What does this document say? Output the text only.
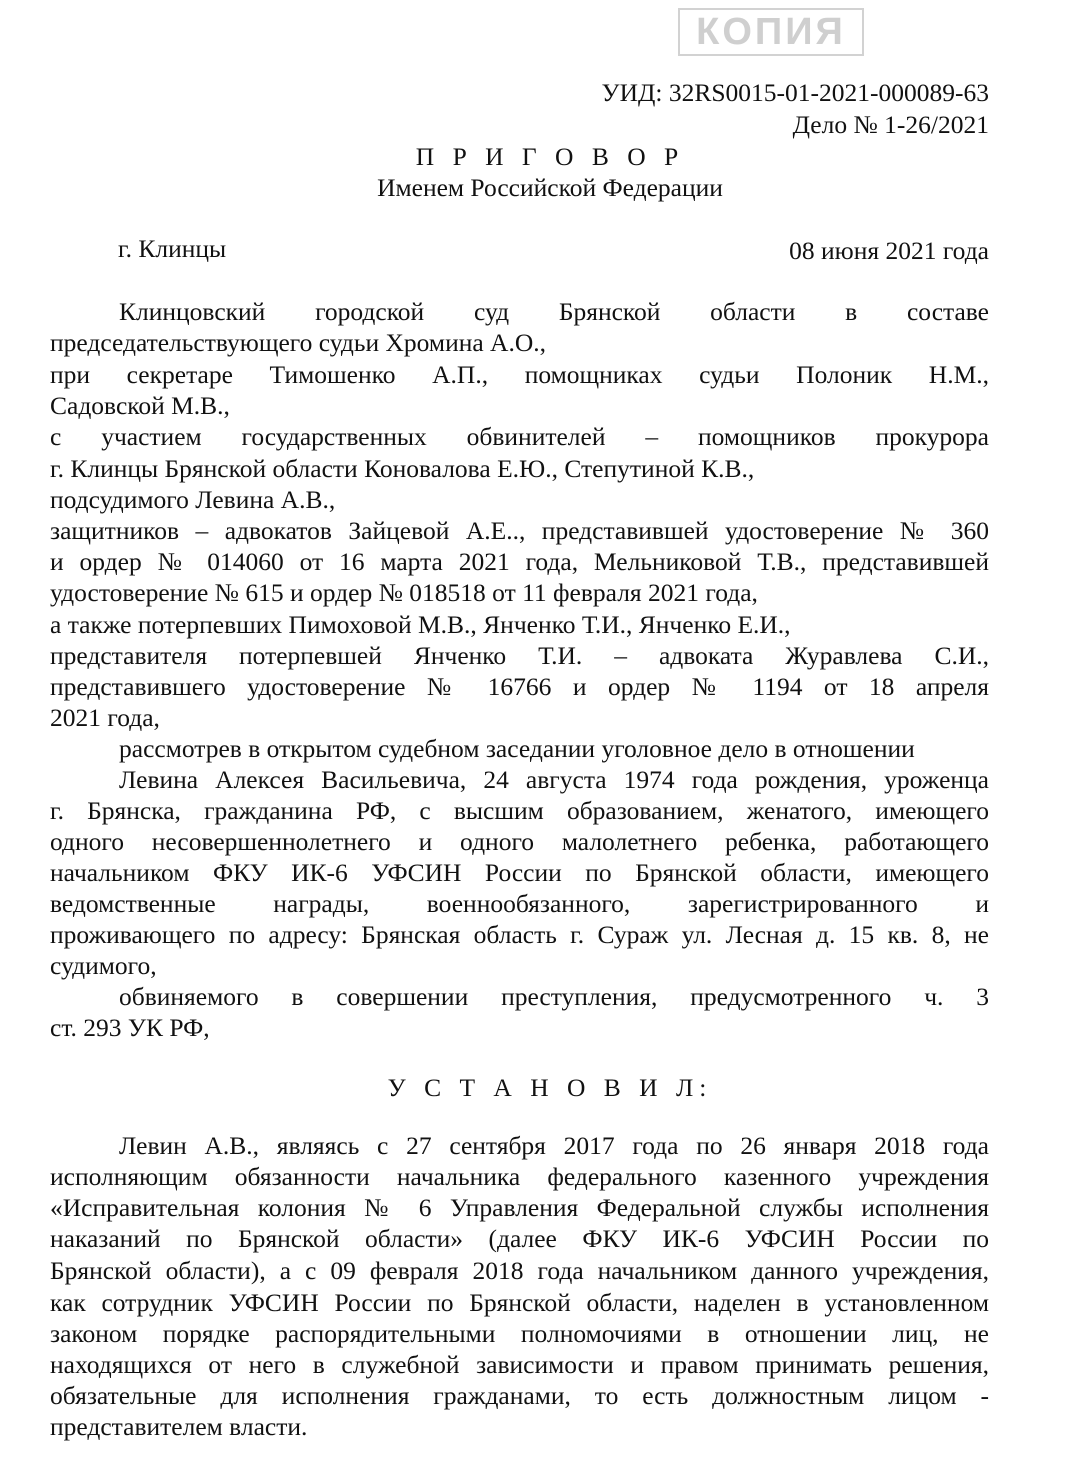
КОПИЯ
УИД: 32RS0015-01-2021-000089-63
Дело № 1-26/2021
П Р И Г О В О Р
Именем Российской Федерации
г. Клинцы	08 июня 2021 года
Клинцовский городской суд Брянской области в составе
председательствующего судьи Хромина А.О.,
при секретаре Тимошенко А.П., помощниках судьи Полоник Н.М.,
Садовской М.В.,
с участием государственных обвинителей – помощников прокурора
г. Клинцы Брянской области Коновалова Е.Ю., Степутиной К.В.,
подсудимого Левина А.В.,
защитников – адвокатов Зайцевой А.Е.., представившей удостоверение № 360
и ордер № 014060 от 16 марта 2021 года, Мельниковой Т.В., представившей
удостоверение № 615 и ордер № 018518 от 11 февраля 2021 года,
а также потерпевших Пимоховой М.В., Янченко Т.И., Янченко Е.И.,
представителя потерпевшей Янченко Т.И. – адвоката Журавлева С.И.,
представившего удостоверение № 16766 и ордер № 1194 от 18 апреля
2021 года,
рассмотрев в открытом судебном заседании уголовное дело в отношении
Левина Алексея Васильевича, 24 августа 1974 года рождения, уроженца
г. Брянска, гражданина РФ, с высшим образованием, женатого, имеющего
одного несовершеннолетнего и одного малолетнего ребенка, работающего
начальником ФКУ ИК-6 УФСИН России по Брянской области, имеющего
ведомственные награды, военнообязанного, зарегистрированного и
проживающего по адресу: Брянская область г. Сураж ул. Лесная д. 15 кв. 8, не
судимого,
обвиняемого в совершении преступления, предусмотренного ч. 3
ст. 293 УК РФ,
У С Т А Н О В И Л:
Левин А.В., являясь с 27 сентября 2017 года по 26 января 2018 года
исполняющим обязанности начальника федерального казенного учреждения
«Исправительная колония № 6 Управления Федеральной службы исполнения
наказаний по Брянской области» (далее ФКУ ИК-6 УФСИН России по
Брянской области), а с 09 февраля 2018 года начальником данного учреждения,
как сотрудник УФСИН России по Брянской области, наделен в установленном
законом порядке распорядительными полномочиями в отношении лиц, не
находящихся от него в служебной зависимости и правом принимать решения,
обязательные для исполнения гражданами, то есть должностным лицом -
представителем власти.
